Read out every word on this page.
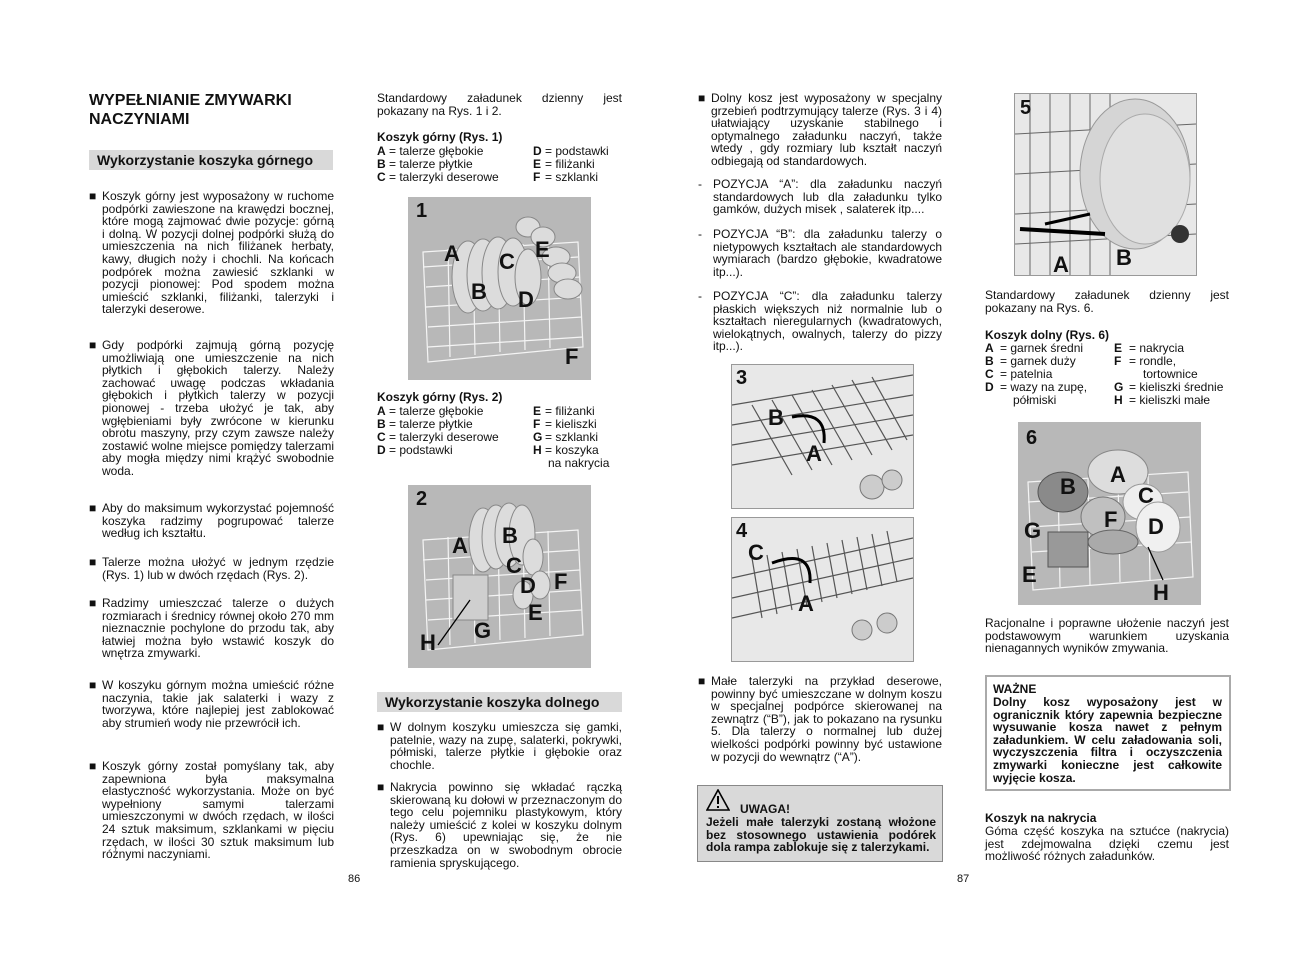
WYPEŁNIANIE ZMYWARKI NACZYNIAMI
Wykorzystanie koszyka górnego
■ Koszyk górny jest wyposażony w ruchome podpórki zawieszone na krawędzi bocznej, które mogą zajmować dwie pozycje: górną i dolną. W pozycji dolnej podpórki służą do umieszczenia na nich filiżanek herbaty, kawy, długich noży i chochli. Na końcach podpórek można zawiesić szklanki w pozycji pionowej: Pod spodem można umieścić szklanki, filiżanki, talerzyki i talerzyki deserowe.
■ Gdy podpórki zajmują górną pozycję umożliwiają one umieszczenie na nich płytkich i głębokich talerzy. Należy zachować uwagę podczas wkładania głębokich i płytkich talerzy w pozycji pionowej - trzeba ułożyć je tak, aby wgłębieniami były zwrócone w kierunku obrotu maszyny, przy czym zawsze należy zostawić wolne miejsce pomiędzy talerzami aby mogła między nimi krążyć swobodnie woda.
■ Aby do maksimum wykorzystać pojemność koszyka radzimy pogrupować talerze według ich kształtu.
■ Talerze można ułożyć w jednym rzędzie (Rys. 1) lub w dwóch rzędach (Rys. 2).
■ Radzimy umieszczać talerze o dużych rozmiarach i średnicy równej około 270 mm nieznacznie pochylone do przodu tak, aby łatwiej można było wstawić koszyk do wnętrza zmywarki.
■ W koszyku górnym można umieścić różne naczynia, takie jak salaterki i wazy z tworzywa, które najlepiej jest zablokować aby strumień wody nie przewrócił ich.
■ Koszyk górny został pomyślany tak, aby zapewniona była maksymalna elastyczność wykorzystania. Może on być wypełniony samymi talerzami umieszczonymi w dwóch rzędach, w ilości 24 sztuk maksimum, szklankami w pięciu rzędach, w ilości 30 sztuk maksimum lub różnymi naczyniami.
86
Standardowy załadunek dzienny jest pokazany na Rys. 1 i 2.
Koszyk górny (Rys. 1)
A = talerze głębokie
B = talerze płytkie
C = talerzyki deserowe
D = podstawki
E = filiżanki
F = szklanki
1
A
B
C
D
E
F
Koszyk górny (Rys. 2)
A = talerze głębokie
B = talerze płytkie
C = talerzyki deserowe
D = podstawki
E = filiżanki
F = kieliszki
G = szklanki
H = koszyka
na nakrycia
2
A B
C
D
E
F
G
H
Wykorzystanie koszyka dolnego
■ W dolnym koszyku umieszcza się gamki, patelnie, wazy na zupę, salaterki, pokrywki, półmiski, talerze płytkie i głębokie oraz chochle.
■ Nakrycia powinno się wkładać rączką skierowaną ku dołowi w przeznaczonym do tego celu pojemniku plastykowym, który należy umieścić z kolei w koszyku dolnym (Rys. 6) upewniając się, że nie przeszkadza on w swobodnym obrocie ramienia spryskującego.
■ Dolny kosz jest wyposażony w specjalny grzebień podtrzymujący talerze (Rys. 3 i 4) ułatwiający uzyskanie stabilnego i optymalnego załadunku naczyń, także wtedy , gdy rozmiary lub kształt naczyń odbiegają od standardowych.
- POZYCJA “A”: dla załadunku naczyń standardowych lub dla załadunku tylko gamków, dużych misek , salaterek itp....
- POZYCJA “B”: dla załadunku talerzy o nietypowych kształtach ale standardowych wymiarach (bardzo głębokie, kwadratowe itp...).
- POZYCJA “C”: dla załadunku talerzy płaskich większych niż normalnie lub o kształtach nieregularnych (kwadratowych, wielokątnych, owalnych, talerzy do pizzy itp...).
3
B
A
4
C
A
■ Małe talerzyki na przykład deserowe, powinny być umieszczane w dolnym koszu w specjalnej podpórce skierowanej na zewnątrz (“B”), jak to pokazano na rysunku 5. Dla talerzy o normalnej lub dużej wielkości podpórki powinny być ustawione w pozycji do wewnątrz (“A”).
UWAGA!
Jeżeli małe talerzyki zostaną włożone bez stosownego ustawienia podórek dola rampa zablokuje się z talerzykami.
87
5
A B
Standardowy załadunek dzienny jest pokazany na Rys. 6.
Koszyk dolny (Rys. 6)
A = garnek średni
B = garnek duży
C = patelnia
D = wazy na zupę,
półmiski
E = nakrycia
F = rondle,
tortownice
G = kieliszki średnie
H = kieliszki małe
6
A
B	C
D
E
F
G
H
Racjonalne i poprawne ułożenie naczyń jest podstawowym warunkiem uzyskania nienagannych wyników zmywania.
WAŻNE
Dolny kosz wyposażony jest w ogranicznik który zapewnia bezpieczne wysuwanie kosza nawet z pełnym załadunkiem. W celu załadowania soli, wyczyszczenia filtra i oczyszczenia zmywarki konieczne jest całkowite wyjęcie kosza.
Koszyk na nakrycia
Góma część koszyka na sztućce (nakrycia) jest zdejmowalna dzięki czemu jest możliwość różnych załadunków.
